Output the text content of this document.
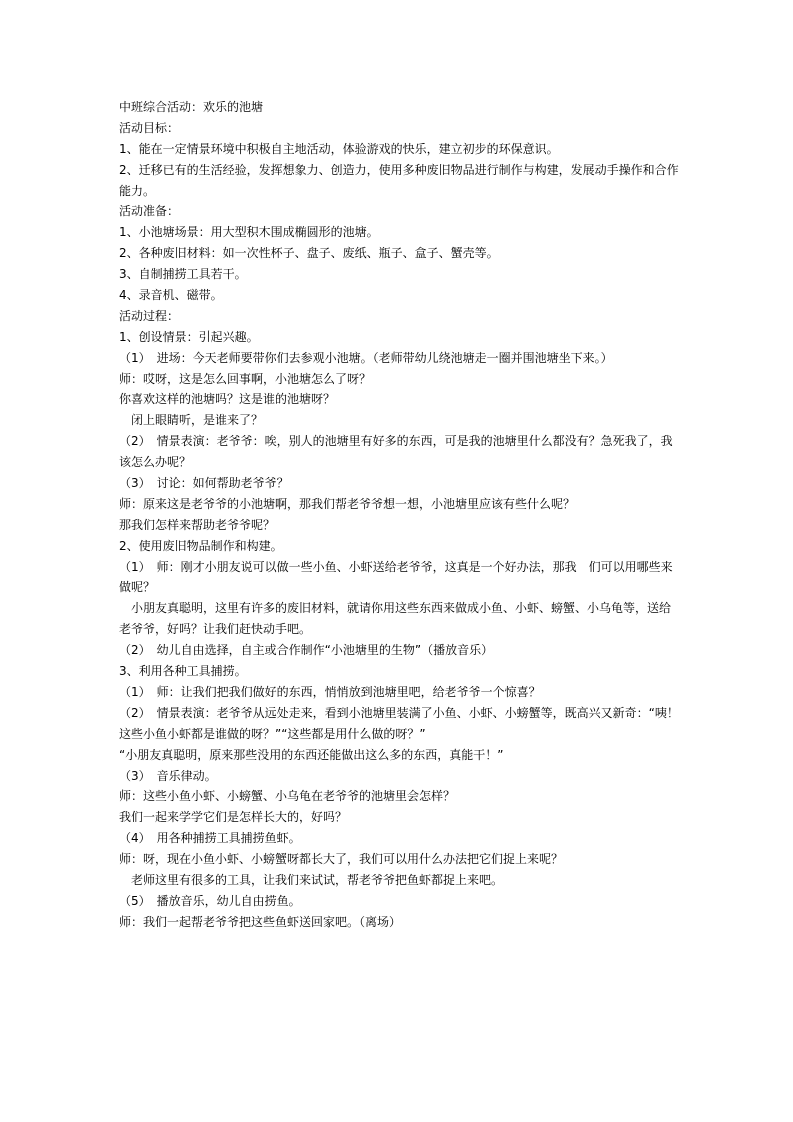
中班综合活动：欢乐的池塘
活动目标：
1、能在一定情景环境中积极自主地活动，体验游戏的快乐，建立初步的环保意识。
2、迁移已有的生活经验，发挥想象力、创造力，使用多种废旧物品进行制作与构建，发展动手操作和合作
能力。
活动准备：
1、小池塘场景：用大型积木围成椭圆形的池塘。
2、各种废旧材料：如一次性杯子、盘子、废纸、瓶子、盒子、蟹壳等。
3、自制捕捞工具若干。
4、录音机、磁带。
活动过程：
1、创设情景：引起兴趣。
（1）　进场：今天老师要带你们去参观小池塘。（老师带幼儿绕池塘走一圈并围池塘坐下来。）
师：哎呀，这是怎么回事啊，小池塘怎么了呀？
你喜欢这样的池塘吗？这是谁的池塘呀？
　闭上眼睛听，是谁来了？
（2）　情景表演：老爷爷：唉，别人的池塘里有好多的东西，可是我的池塘里什么都没有？急死我了，我
该怎么办呢？
（3）　讨论：如何帮助老爷爷？
师：原来这是老爷爷的小池塘啊，那我们帮老爷爷想一想，小池塘里应该有些什么呢？
那我们怎样来帮助老爷爷呢？
2、使用废旧物品制作和构建。
（1）　师：刚才小朋友说可以做一些小鱼、小虾送给老爷爷，这真是一个好办法，那我　们可以用哪些来
做呢？
　小朋友真聪明，这里有许多的废旧材料，就请你用这些东西来做成小鱼、小虾、螃蟹、小乌龟等，送给
老爷爷，好吗？让我们赶快动手吧。
（2）　幼儿自由选择，自主或合作制作“小池塘里的生物”（播放音乐）
3、利用各种工具捕捞。
（1）　师：让我们把我们做好的东西，悄悄放到池塘里吧，给老爷爷一个惊喜？
（2）　情景表演：老爷爷从远处走来，看到小池塘里装满了小鱼、小虾、小螃蟹等，既高兴又新奇：“咦！
这些小鱼小虾都是谁做的呀？”“这些都是用什么做的呀？”
“小朋友真聪明，原来那些没用的东西还能做出这么多的东西，真能干！”
（3）　音乐律动。
师：这些小鱼小虾、小螃蟹、小乌龟在老爷爷的池塘里会怎样？
我们一起来学学它们是怎样长大的，好吗？
（4）　用各种捕捞工具捕捞鱼虾。
师：呀，现在小鱼小虾、小螃蟹呀都长大了，我们可以用什么办法把它们捉上来呢？
　老师这里有很多的工具，让我们来试试，帮老爷爷把鱼虾都捉上来吧。
（5）　播放音乐，幼儿自由捞鱼。
师：我们一起帮老爷爷把这些鱼虾送回家吧。（离场）
